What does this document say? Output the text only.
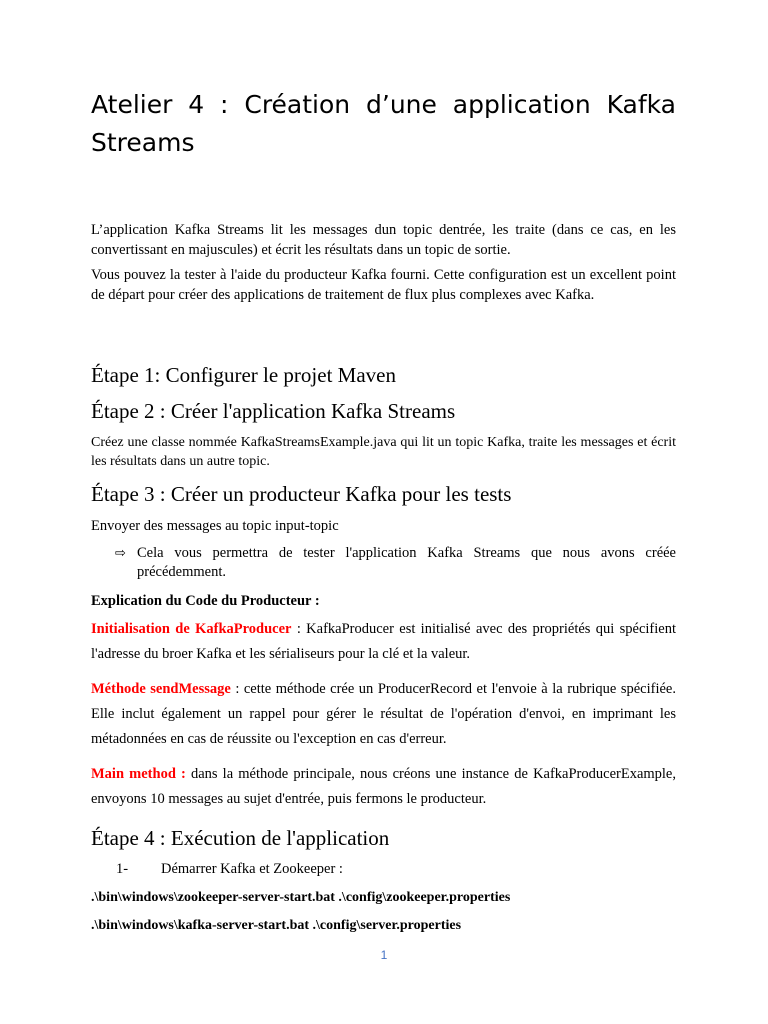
Atelier 4 : Création d’une application Kafka
Streams

L’application Kafka Streams lit les messages dun topic dentrée, les traite (dans ce cas, en les convertissant en majuscules) et écrit les résultats dans un topic de sortie.

Vous pouvez la tester à l'aide du producteur Kafka fourni. Cette configuration est un excellent point de départ pour créer des applications de traitement de flux plus complexes avec Kafka.

Étape 1: Configurer le projet Maven
Étape 2 : Créer l'application Kafka Streams

Créez une classe nommée KafkaStreamsExample.java qui lit un topic Kafka, traite les messages et écrit les résultats dans un autre topic.

Étape 3 : Créer un producteur Kafka pour les tests

Envoyer des messages au topic input-topic

⇨ Cela vous permettra de tester l'application Kafka Streams que nous avons créée précédemment.

Explication du Code du Producteur :

Initialisation de KafkaProducer : KafkaProducer est initialisé avec des propriétés qui spécifient l'adresse du broer Kafka et les sérialiseurs pour la clé et la valeur.

Méthode sendMessage : cette méthode crée un ProducerRecord et l'envoie à la rubrique spécifiée. Elle inclut également un rappel pour gérer le résultat de l'opération d'envoi, en imprimant les métadonnées en cas de réussite ou l'exception en cas d'erreur.

Main method : dans la méthode principale, nous créons une instance de KafkaProducerExample, envoyons 10 messages au sujet d'entrée, puis fermons le producteur.

Étape 4 : Exécution de l'application
1- Démarrer Kafka et Zookeeper :

.\bin\windows\zookeeper-server-start.bat .\config\zookeeper.properties

.\bin\windows\kafka-server-start.bat .\config\server.properties

1
